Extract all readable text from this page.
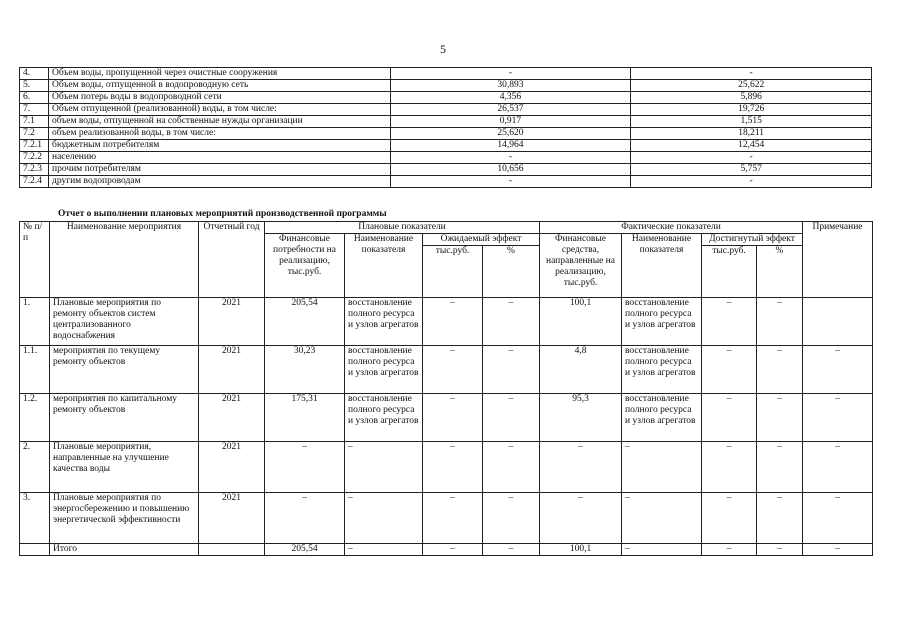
5
4.	Объем воды, пропущенной через очистные сооружения	-	-
5.	Объем воды, отпущенной в водопроводную сеть	30,893	25,622
6.	Объем потерь воды в водопроводной сети	4,356	5,896
7.	Объем отпущенной (реализованной) воды, в том числе:	26,537	19,726
7.1	объем воды, отпущенной на собственные нужды организации	0,917	1,515
7.2	объем реализованной воды, в том числе:	25,620	18,211
7.2.1	бюджетным потребителям	14,964	12,454
7.2.2	населению	-	-
7.2.3	прочим потребителям	10,656	5,757
7.2.4	другим водопроводам	-	-
Отчет о выполнении плановых мероприятий производственной программы
№ п/п	Наименование мероприятия	Отчетный год	Плановые показатели				Фактические показатели				Примечание
			Финансовые потребности на реализацию, тыс.руб.	Наименование показателя	Ожидаемый эффект		Финансовые средства, направленные на реализацию, тыс.руб.	Наименование показателя	Достигнутый эффект		
					тыс.руб.	%			тыс.руб.	%	
1.	Плановые мероприятия по ремонту объектов систем централизованного водоснабжения	2021	205,54	восстановление полного ресурса и узлов агрегатов	–	–	100,1	восстановление полного ресурса и узлов агрегатов	–	–	
1.1.	мероприятия по текущему ремонту объектов	2021	30,23	восстановление полного ресурса и узлов агрегатов	–	–	4,8	восстановление полного ресурса и узлов агрегатов	–	–	–
1.2.	мероприятия по капитальному ремонту объектов	2021	175,31	восстановление полного ресурса и узлов агрегатов	–	–	95,3	восстановление полного ресурса и узлов агрегатов	–	–	–
2.	Плановые мероприятия, направленные на улучшение качества воды	2021	–	–	–	–	–	–	–	–	–
3.	Плановые мероприятия по энергосбережению и повышению энергетической эффективности	2021	–	–	–	–	–	–	–	–	–
	Итого		205,54	–	–	–	100,1	–	–	–	–
